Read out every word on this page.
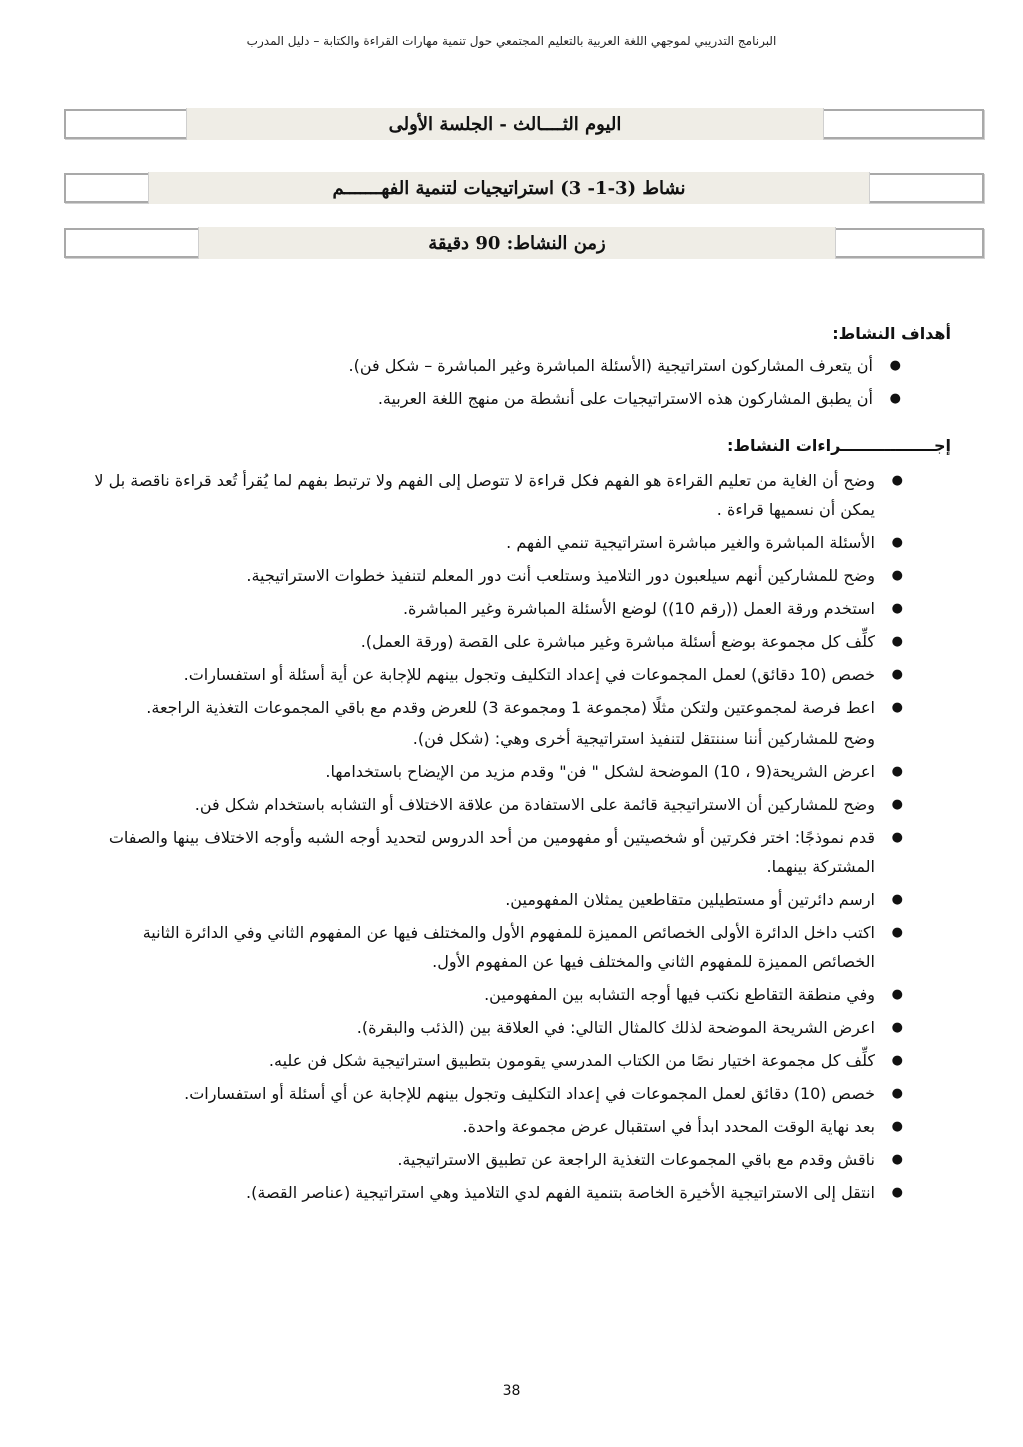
البرنامج التدريبي لموجهي اللغة العربية بالتعليم المجتمعي حول تنمية مهارات القراءة والكتابة – دليل المدرب
اليوم الثــــالث - الجلسة الأولى
نشاط (3-1- 3) استراتيجيات لتنمية الفهـــــــم
زمن النشاط: 90 دقيقة
أهداف النشاط:
●
أن يتعرف المشاركون استراتيجية (الأسئلة المباشرة وغير المباشرة – شكل فن).
●
أن يطبق المشاركون هذه الاستراتيجيات على أنشطة من منهج اللغة العربية.
إجـــــــــــــــــراءات النشاط:
●
وضح أن الغاية من تعليم القراءة هو الفهم فكل قراءة لا تتوصل إلى الفهم ولا ترتبط بفهم لما يُقرأ تُعد قراءة ناقصة بل لا يمكن أن نسميها قراءة .
●
الأسئلة المباشرة والغير مباشرة استراتيجية تنمي الفهم .
●
وضح للمشاركين أنهم سيلعبون دور التلاميذ وستلعب أنت دور المعلم لتنفيذ خطوات الاستراتيجية.
●
استخدم ورقة العمل ((رقم 10)) لوضع الأسئلة المباشرة وغير المباشرة.
●
كلِّف كل مجموعة بوضع أسئلة مباشرة وغير مباشرة على القصة (ورقة العمل).
●
خصص (10 دقائق) لعمل المجموعات في إعداد التكليف وتجول بينهم للإجابة عن أية أسئلة أو استفسارات.
●
اعط فرصة لمجموعتين ولتكن مثلًا (مجموعة 1 ومجموعة 3) للعرض وقدم مع باقي المجموعات التغذية الراجعة.
وضح للمشاركين أننا سننتقل لتنفيذ استراتيجية أخرى وهي: (شكل فن).
●
اعرض الشريحة(9 ، 10) الموضحة لشكل " فن" وقدم مزيد من الإيضاح باستخدامها.
●
وضح للمشاركين أن الاستراتيجية قائمة على الاستفادة من علاقة الاختلاف أو التشابه باستخدام شكل فن.
●
قدم نموذجًا: اختر فكرتين أو شخصيتين أو مفهومين من أحد الدروس لتحديد أوجه الشبه وأوجه الاختلاف بينها والصفات المشتركة بينهما.
●
ارسم دائرتين أو مستطيلين متقاطعين يمثلان المفهومين.
●
اكتب داخل الدائرة الأولى الخصائص المميزة للمفهوم الأول والمختلف فيها عن المفهوم الثاني وفي الدائرة الثانية الخصائص المميزة للمفهوم الثاني والمختلف فيها عن المفهوم الأول.
●
وفي منطقة التقاطع نكتب فيها أوجه التشابه بين المفهومين.
●
اعرض الشريحة الموضحة لذلك كالمثال التالي: في العلاقة بين (الذئب والبقرة).
●
كلِّف كل مجموعة اختيار نصًا من الكتاب المدرسي يقومون بتطبيق استراتيجية شكل فن عليه.
●
خصص (10) دقائق لعمل المجموعات في إعداد التكليف وتجول بينهم للإجابة عن أي أسئلة أو استفسارات.
●
بعد نهاية الوقت المحدد ابدأ في استقبال عرض مجموعة واحدة.
●
ناقش وقدم مع باقي المجموعات التغذية الراجعة عن تطبيق الاستراتيجية.
●
انتقل إلى الاستراتيجية الأخيرة الخاصة بتنمية الفهم لدي التلاميذ وهي استراتيجية (عناصر القصة).
38
